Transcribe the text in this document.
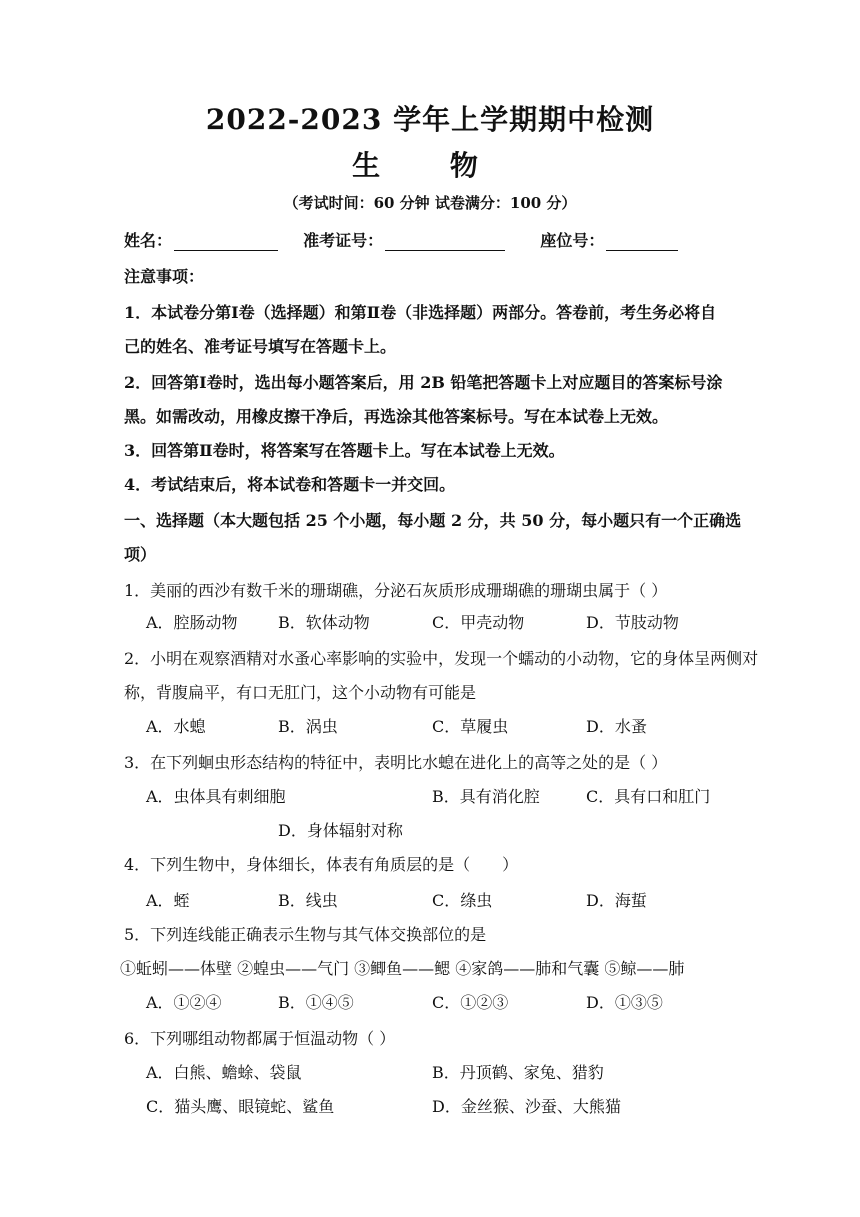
2022-2023 学年上学期期中检测
生 物
（考试时间：60 分钟 试卷满分：100 分）
姓名：	准考证号：	座位号：
注意事项：
1．本试卷分第Ⅰ卷（选择题）和第Ⅱ卷（非选择题）两部分。答卷前，考生务必将自
己的姓名、准考证号填写在答题卡上。
2．回答第Ⅰ卷时，选出每小题答案后，用 2B 铅笔把答题卡上对应题目的答案标号涂
黑。如需改动，用橡皮擦干净后，再选涂其他答案标号。写在本试卷上无效。
3．回答第Ⅱ卷时，将答案写在答题卡上。写在本试卷上无效。
4．考试结束后，将本试卷和答题卡一并交回。
一、选择题（本大题包括 25 个小题，每小题 2 分，共 50 分，每小题只有一个正确选
项）
1．美丽的西沙有数千米的珊瑚礁，分泌石灰质形成珊瑚礁的珊瑚虫属于（ ）
A．腔肠动物	B．软体动物	C．甲壳动物	D．节肢动物
2．小明在观察酒精对水蚤心率影响的实验中，发现一个蠕动的小动物，它的身体呈两侧对
称，背腹扁平，有口无肛门，这个小动物有可能是
A．水螅	B．涡虫	C．草履虫	D．水蚤
3．在下列蛔虫形态结构的特征中，表明比水螅在进化上的高等之处的是（ ）
A．虫体具有刺细胞	B．具有消化腔	C．具有口和肛门
D．身体辐射对称
4．下列生物中，身体细长，体表有角质层的是（　　）
A．蛭	B．线虫	C．绦虫	D．海蜇
5．下列连线能正确表示生物与其气体交换部位的是
①蚯蚓——体壁 ②蝗虫——气门 ③鲫鱼——鳃 ④家鸽——肺和气囊 ⑤鲸——肺
A．①②④	B．①④⑤	C．①②③	D．①③⑤
6．下列哪组动物都属于恒温动物（ ）
A．白熊、蟾蜍、袋鼠	B．丹顶鹤、家兔、猎豹
C．猫头鹰、眼镜蛇、鲨鱼	D．金丝猴、沙蚕、大熊猫
